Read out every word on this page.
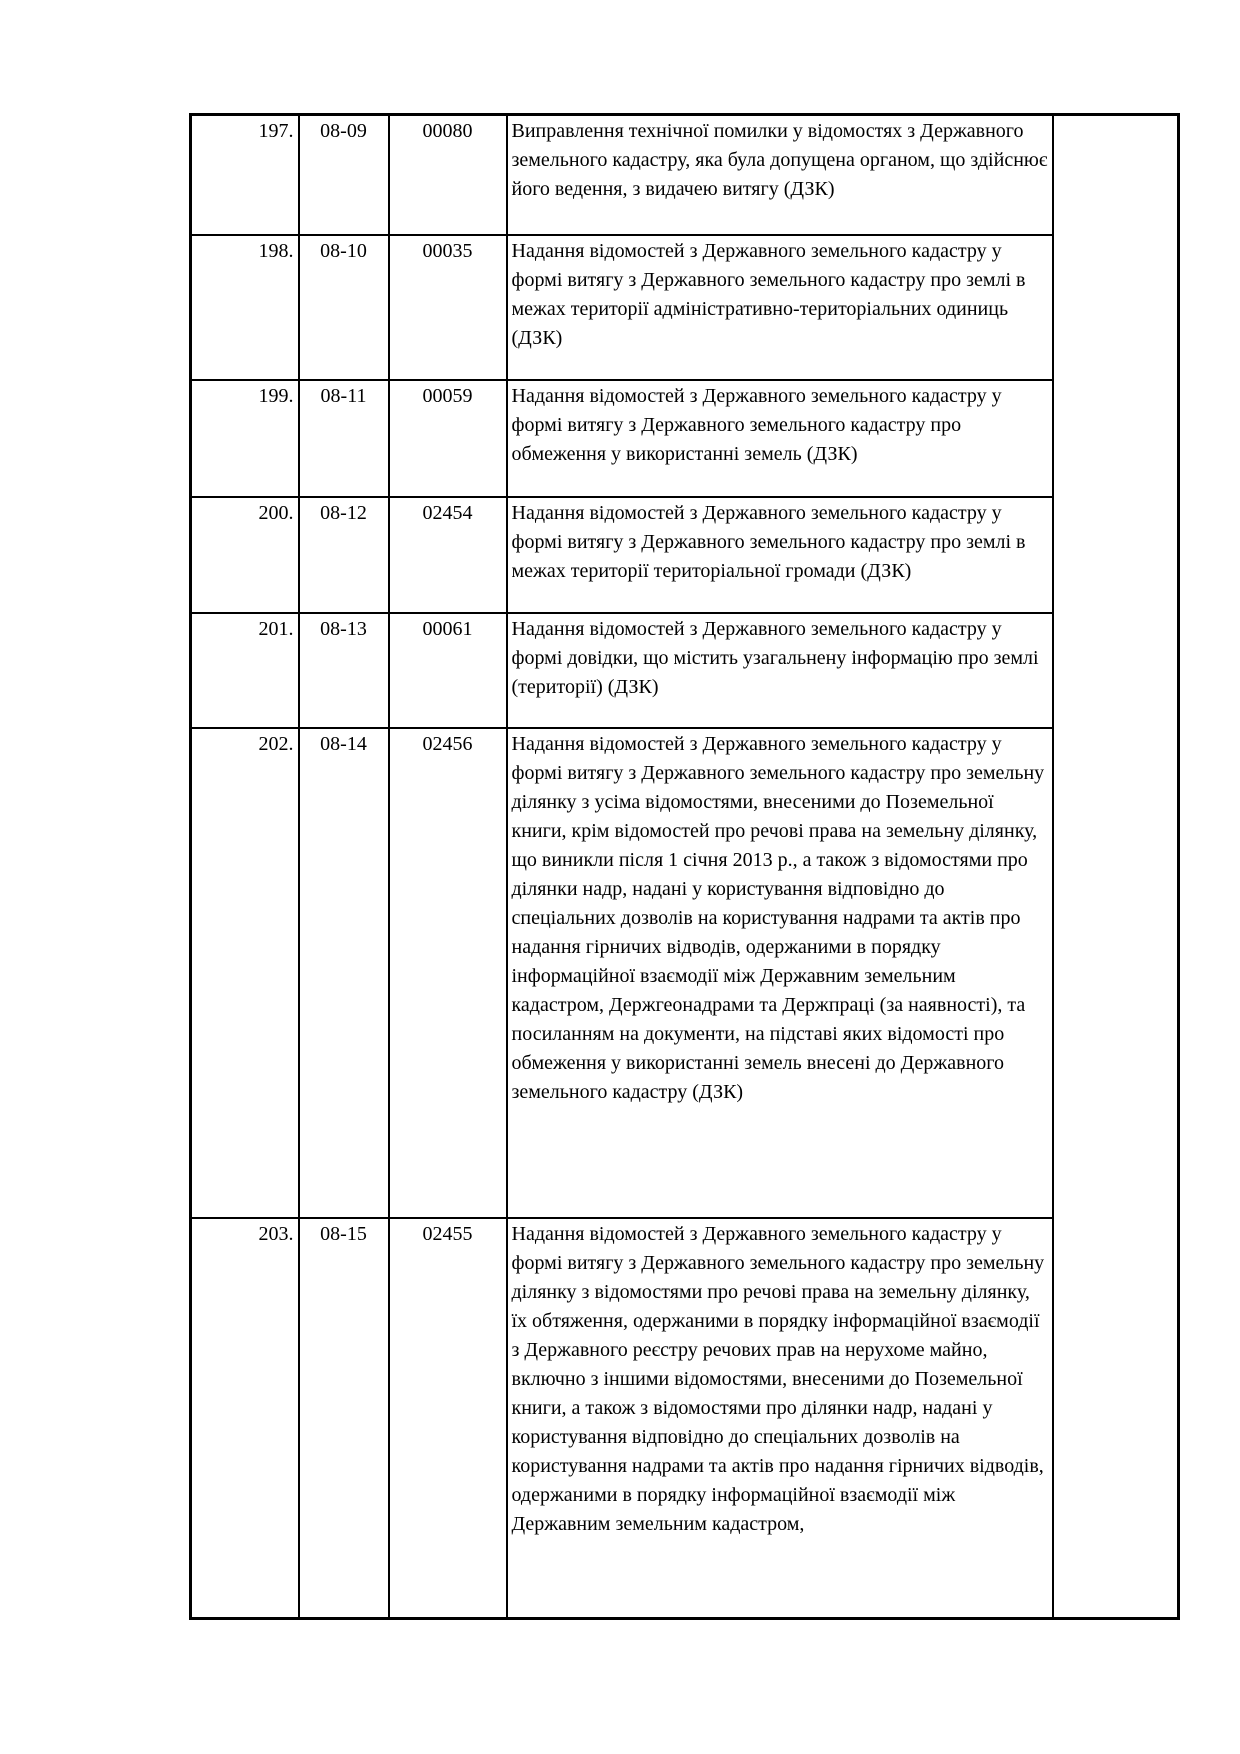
197.	08-09	00080	Виправлення технічної помилки у відомостях з Державного земельного кадастру, яка була допущена органом, що здійснює його ведення, з видачею витягу (ДЗК)	
198.	08-10	00035	Надання відомостей з Державного земельного кадастру у формі витягу з Державного земельного кадастру про землі в межах території адміністративно-територіальних одиниць (ДЗК)	
199.	08-11	00059	Надання відомостей з Державного земельного кадастру у формі витягу з Державного земельного кадастру про обмеження у використанні земель (ДЗК)	
200.	08-12	02454	Надання відомостей з Державного земельного кадастру у формі витягу з Державного земельного кадастру про землі в межах території територіальної громади (ДЗК)	
201.	08-13	00061	Надання відомостей з Державного земельного кадастру у формі довідки, що містить узагальнену інформацію про землі (території) (ДЗК)	
202.	08-14	02456	Надання відомостей з Державного земельного кадастру у формі витягу з Державного земельного кадастру про земельну ділянку з усіма відомостями, внесеними до Поземельної книги, крім відомостей про речові права на земельну ділянку, що виникли після 1 січня 2013 р., а також з відомостями про ділянки надр, надані у користування відповідно до спеціальних дозволів на користування надрами та актів про надання гірничих відводів, одержаними в порядку інформаційної взаємодії між Державним земельним кадастром, Держгеонадрами та Держпраці (за наявності), та посиланням на документи, на підставі яких відомості про обмеження у використанні земель внесені до Державного земельного кадастру (ДЗК)	
203.	08-15	02455	Надання відомостей з Державного земельного кадастру у формі витягу з Державного земельного кадастру про земельну ділянку з відомостями про речові права на земельну ділянку, їх обтяження, одержаними в порядку інформаційної взаємодії з Державного реєстру речових прав на нерухоме майно, включно з іншими відомостями, внесеними до Поземельної книги, а також з відомостями про ділянки надр, надані у користування відповідно до спеціальних дозволів на користування надрами та актів про надання гірничих відводів, одержаними в порядку інформаційної взаємодії між Державним земельним кадастром,	
